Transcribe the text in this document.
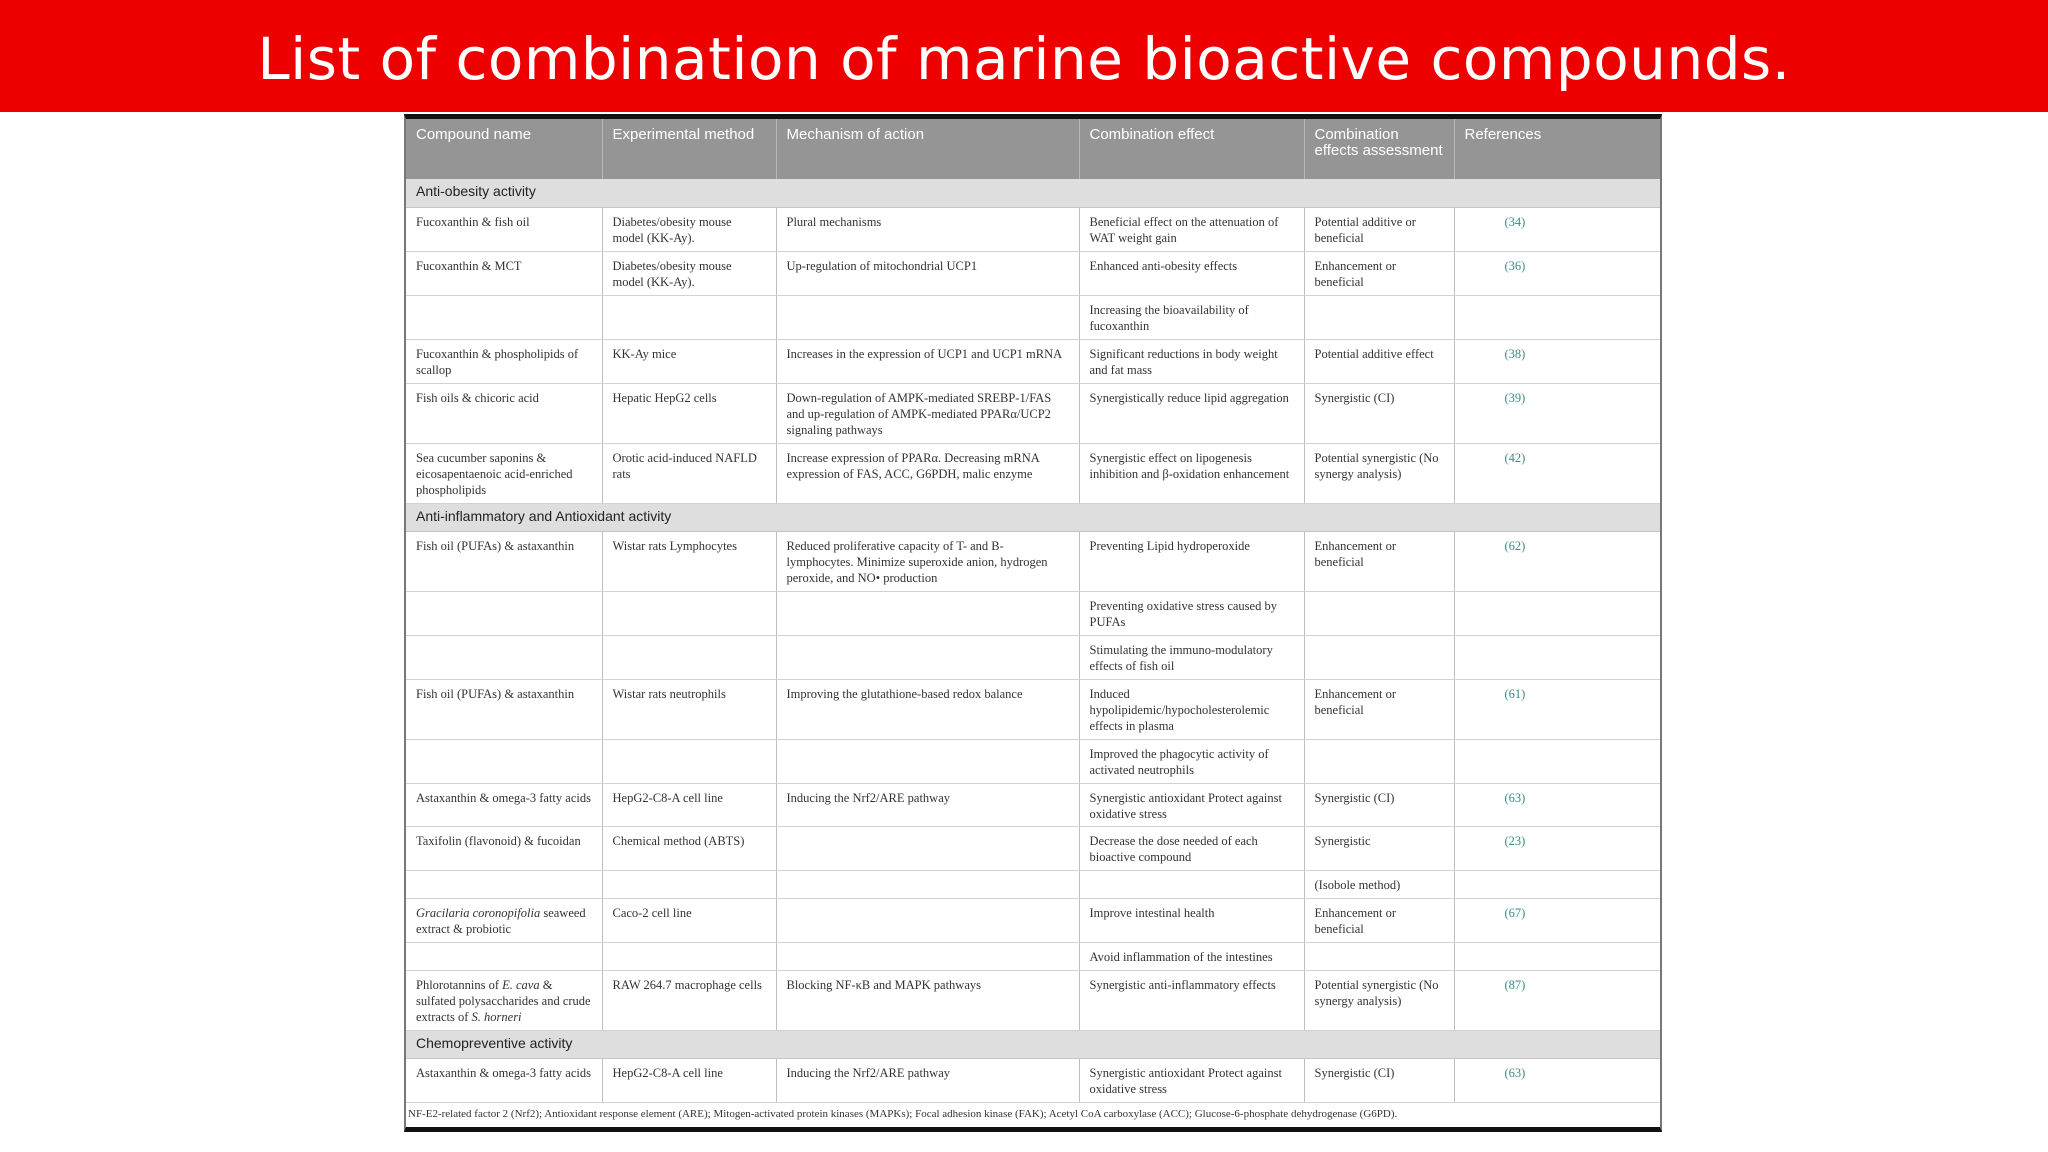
List of combination of marine bioactive compounds.
Compound name	Experimental method	Mechanism of action	Combination effect	Combination effects assessment	References
Anti-obesity activity					
Fucoxanthin & fish oil	Diabetes/obesity mouse model (KK-Ay).	Plural mechanisms	Beneficial effect on the attenuation of WAT weight gain	Potential additive or beneficial	(34)
Fucoxanthin & MCT	Diabetes/obesity mouse model (KK-Ay).	Up-regulation of mitochondrial UCP1	Enhanced anti-obesity effects	Enhancement or beneficial	(36)
			Increasing the bioavailability of fucoxanthin		
Fucoxanthin & phospholipids of scallop	KK-Ay mice	Increases in the expression of UCP1 and UCP1 mRNA	Significant reductions in body weight and fat mass	Potential additive effect	(38)
Fish oils & chicoric acid	Hepatic HepG2 cells	Down-regulation of AMPK-mediated SREBP-1/FAS and up-regulation of AMPK-mediated PPARα/UCP2 signaling pathways	Synergistically reduce lipid aggregation	Synergistic (CI)	(39)
Sea cucumber saponins & eicosapentaenoic acid-enriched phospholipids	Orotic acid-induced NAFLD rats	Increase expression of PPARα. Decreasing mRNA expression of FAS, ACC, G6PDH, malic enzyme	Synergistic effect on lipogenesis inhibition and β-oxidation enhancement	Potential synergistic (No synergy analysis)	(42)
Anti-inflammatory and Antioxidant activity					
Fish oil (PUFAs) & astaxanthin	Wistar rats Lymphocytes	Reduced proliferative capacity of T- and B-lymphocytes. Minimize superoxide anion, hydrogen peroxide, and NO• production	Preventing Lipid hydroperoxide	Enhancement or beneficial	(62)
			Preventing oxidative stress caused by PUFAs		
			Stimulating the immuno-modulatory effects of fish oil		
Fish oil (PUFAs) & astaxanthin	Wistar rats neutrophils	Improving the glutathione-based redox balance	Induced hypolipidemic/hypocholesterolemic effects in plasma	Enhancement or beneficial	(61)
			Improved the phagocytic activity of activated neutrophils		
Astaxanthin & omega-3 fatty acids	HepG2-C8-A cell line	Inducing the Nrf2/ARE pathway	Synergistic antioxidant Protect against oxidative stress	Synergistic (CI)	(63)
Taxifolin (flavonoid) & fucoidan	Chemical method (ABTS)		Decrease the dose needed of each bioactive compound	Synergistic	(23)
				(Isobole method)	
Gracilaria coronopifolia seaweed extract & probiotic	Caco-2 cell line		Improve intestinal health	Enhancement or beneficial	(67)
			Avoid inflammation of the intestines		
Phlorotannins of E. cava & sulfated polysaccharides and crude extracts of S. horneri	RAW 264.7 macrophage cells	Blocking NF-κB and MAPK pathways	Synergistic anti-inflammatory effects	Potential synergistic (No synergy analysis)	(87)
Chemopreventive activity					
Astaxanthin & omega-3 fatty acids	HepG2-C8-A cell line	Inducing the Nrf2/ARE pathway	Synergistic antioxidant Protect against oxidative stress	Synergistic (CI)	(63)
NF-E2-related factor 2 (Nrf2); Antioxidant response element (ARE); Mitogen-activated protein kinases (MAPKs); Focal adhesion kinase (FAK); Acetyl CoA carboxylase (ACC); Glucose-6-phosphate dehydrogenase (G6PD).
